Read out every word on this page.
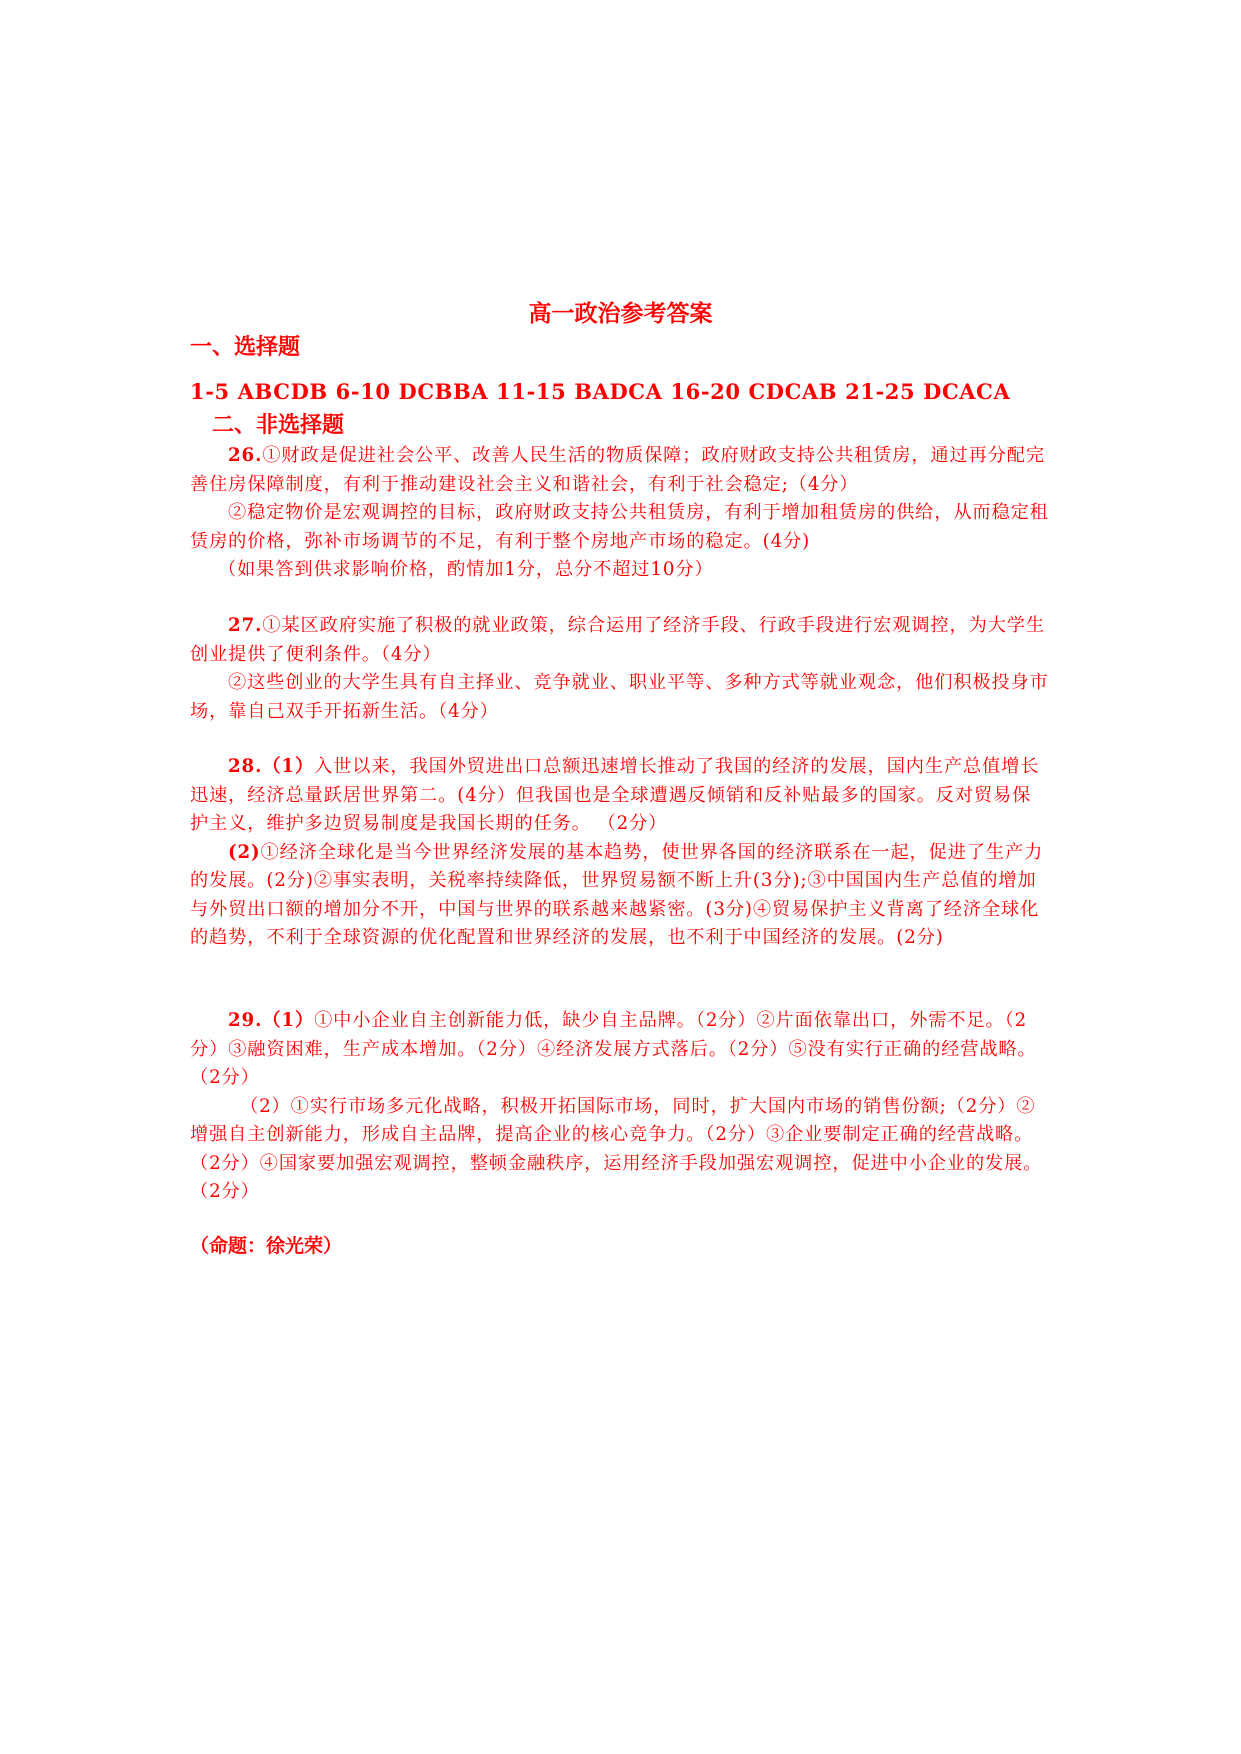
高一政治参考答案
一、选择题
1-5 ABCDB 6-10 DCBBA 11-15 BADCA 16-20 CDCAB 21-25 DCACA
二、非选择题

26.①财政是促进社会公平、改善人民生活的物质保障；政府财政支持公共租赁房，通过再分配完善住房保障制度，有利于推动建设社会主义和谐社会，有利于社会稳定;（4分）

②稳定物价是宏观调控的目标，政府财政支持公共租赁房，有利于增加租赁房的供给，从而稳定租赁房的价格，弥补市场调节的不足，有利于整个房地产市场的稳定。(4分)

（如果答到供求影响价格，酌情加1分，总分不超过10分）

27.①某区政府实施了积极的就业政策，综合运用了经济手段、行政手段进行宏观调控，为大学生创业提供了便利条件。（4分）

②这些创业的大学生具有自主择业、竞争就业、职业平等、多种方式等就业观念，他们积极投身市场，靠自己双手开拓新生活。（4分）

28.（1）入世以来，我国外贸进出口总额迅速增长推动了我国的经济的发展，国内生产总值增长迅速，经济总量跃居世界第二。(4分）但我国也是全球遭遇反倾销和反补贴最多的国家。反对贸易保护主义，维护多边贸易制度是我国长期的任务。 （2分）

(2)①经济全球化是当今世界经济发展的基本趋势，使世界各国的经济联系在一起，促进了生产力的发展。(2分)②事实表明，关税率持续降低，世界贸易额不断上升(3分);③中国国内生产总值的增加与外贸出口额的增加分不开，中国与世界的联系越来越紧密。(3分)④贸易保护主义背离了经济全球化的趋势，不利于全球资源的优化配置和世界经济的发展，也不利于中国经济的发展。(2分)

29.（1）①中小企业自主创新能力低，缺少自主品牌。（2分）②片面依靠出口，外需不足。（2分）③融资困难，生产成本增加。（2分）④经济发展方式落后。（2分）⑤没有实行正确的经营战略。（2分）

（2）①实行市场多元化战略，积极开拓国际市场，同时，扩大国内市场的销售份额;（2分）②增强自主创新能力，形成自主品牌，提高企业的核心竞争力。（2分）③企业要制定正确的经营战略。（2分）④国家要加强宏观调控，整顿金融秩序，运用经济手段加强宏观调控，促进中小企业的发展。（2分）

（命题：徐光荣）
